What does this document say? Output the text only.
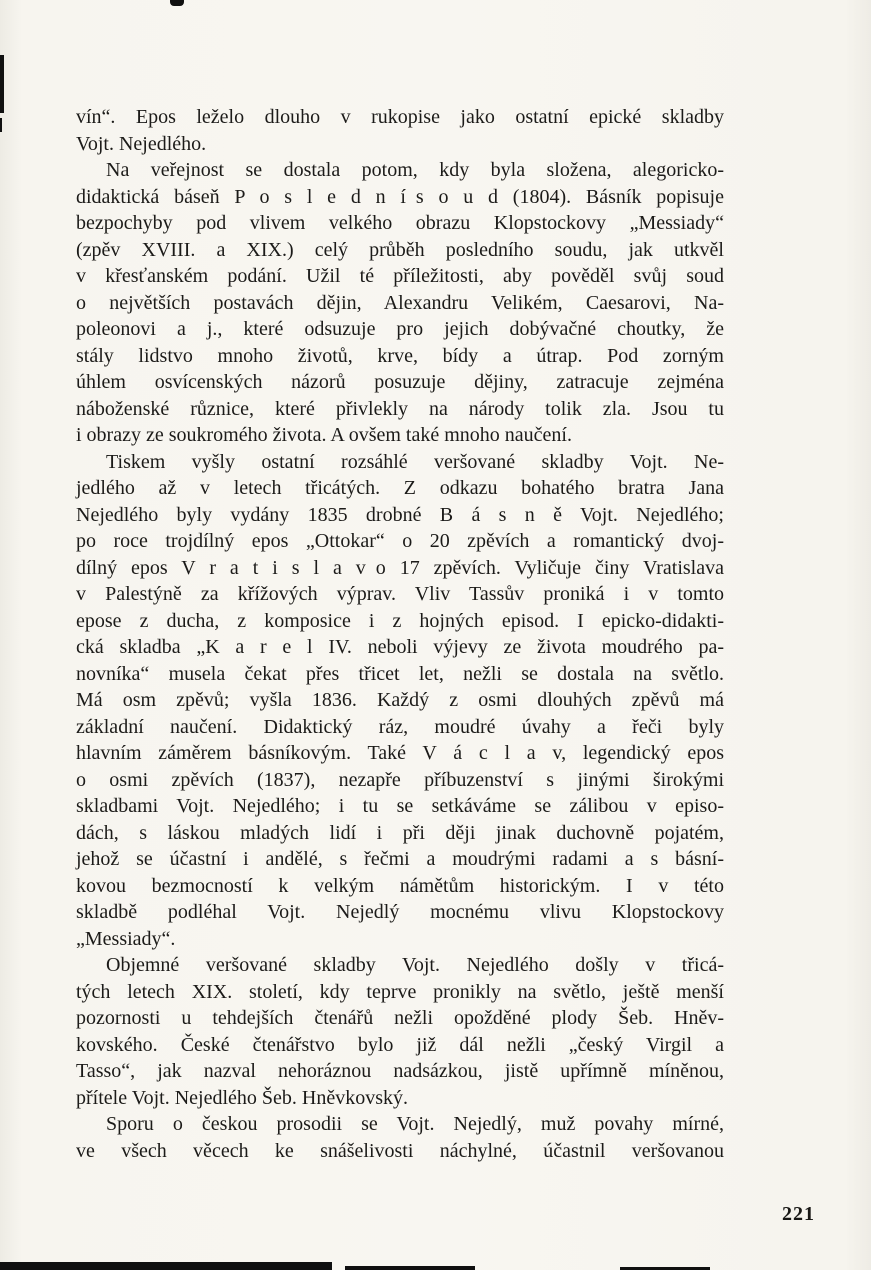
vín“. Epos leželo dlouho v rukopise jako ostatní epické skladby
Vojt. Nejedlého.
Na veřejnost se dostala potom, kdy byla složena, alegoricko-
didaktická báseň P o s l e d n í s o u d (1804). Básník popisuje
bezpochyby pod vlivem velkého obrazu Klopstockovy „Messiady“
(zpěv XVIII. a XIX.) celý průběh posledního soudu, jak utkvěl
v křesťanském podání. Užil té příležitosti, aby pověděl svůj soud
o největších postavách dějin, Alexandru Velikém, Caesarovi, Na-
poleonovi a j., které odsuzuje pro jejich dobývačné choutky, že
stály lidstvo mnoho životů, krve, bídy a útrap. Pod zorným
úhlem osvícenských názorů posuzuje dějiny, zatracuje zejména
náboženské různice, které přivlekly na národy tolik zla. Jsou tu
i obrazy ze soukromého života. A ovšem také mnoho naučení.
Tiskem vyšly ostatní rozsáhlé veršované skladby Vojt. Ne-
jedlého až v letech třicátých. Z odkazu bohatého bratra Jana
Nejedlého byly vydány 1835 drobné B á s n ě Vojt. Nejedlého;
po roce trojdílný epos „Ottokar“ o 20 zpěvích a romantický dvoj-
dílný epos V r a t i s l a v o 17 zpěvích. Vyličuje činy Vratislava
v Palestýně za křížových výprav. Vliv Tassův proniká i v tomto
epose z ducha, z komposice i z hojných episod. I epicko-didakti-
cká skladba „K a r e l IV. neboli výjevy ze života moudrého pa-
novníka“ musela čekat přes třicet let, nežli se dostala na světlo.
Má osm zpěvů; vyšla 1836. Každý z osmi dlouhých zpěvů má
základní naučení. Didaktický ráz, moudré úvahy a řeči byly
hlavním záměrem básníkovým. Také V á c l a v, legendický epos
o osmi zpěvích (1837), nezapře příbuzenství s jinými širokými
skladbami Vojt. Nejedlého; i tu se setkáváme se zálibou v episo-
dách, s láskou mladých lidí i při ději jinak duchovně pojatém,
jehož se účastní i andělé, s řečmi a moudrými radami a s básní-
kovou bezmocností k velkým námětům historickým. I v této
skladbě podléhal Vojt. Nejedlý mocnému vlivu Klopstockovy
„Messiady“.
Objemné veršované skladby Vojt. Nejedlého došly v třicá-
tých letech XIX. století, kdy teprve pronikly na světlo, ještě menší
pozornosti u tehdejších čtenářů nežli opožděné plody Šeb. Hněv-
kovského. České čtenářstvo bylo již dál nežli „český Virgil a
Tasso“, jak nazval nehoráznou nadsázkou, jistě upřímně míněnou,
přítele Vojt. Nejedlého Šeb. Hněvkovský.
Sporu o českou prosodii se Vojt. Nejedlý, muž povahy mírné,
ve všech věcech ke snášelivosti náchylné, účastnil veršovanou
221
